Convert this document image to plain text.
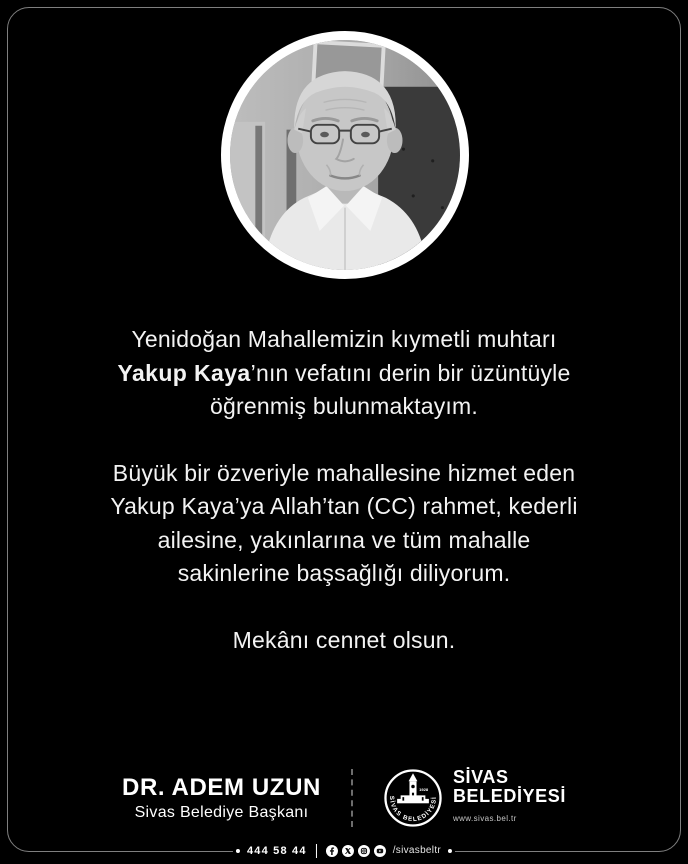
Yenidoğan Mahallemizin kıymetli muhtarı
Yakup Kaya’nın vefatını derin bir üzüntüyle
öğrenmiş bulunmaktayım.

Büyük bir özveriyle mahallesine hizmet eden
Yakup Kaya’ya Allah’tan (CC) rahmet, kederli
ailesine, yakınlarına ve tüm mahalle
sakinlerine başsağlığı diliyorum.

Mekânı cennet olsun.

DR. ADEM UZUN
Sivas Belediye Başkanı
SİVAS BELEDİYESİ
1928
SİVAS
BELEDİYESİ
www.sivas.bel.tr
444 58 44	/sivasbeltr
